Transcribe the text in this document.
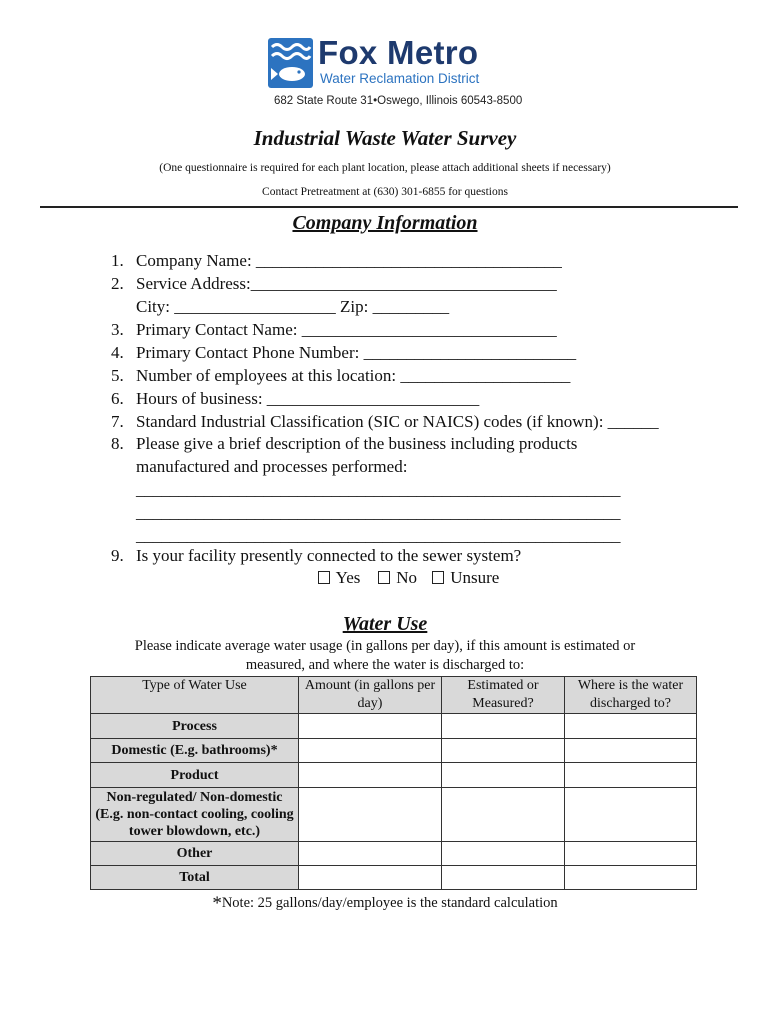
Fox Metro
Water Reclamation District
682 State Route 31•Oswego, Illinois 60543-8500
Industrial Waste Water Survey
(One questionnaire is required for each plant location, please attach additional sheets if necessary)
Contact Pretreatment at (630) 301-6855 for questions
Company Information
1. Company Name: ____________________________________
2. Service Address:____________________________________
City: ___________________ Zip: _________
3. Primary Contact Name: ______________________________
4. Primary Contact Phone Number: _________________________
5. Number of employees at this location: ____________________
6. Hours of business: _________________________
7. Standard Industrial Classification (SIC or NAICS) codes (if known): ______
8. Please give a brief description of the business including products
manufactured and processes performed:
_________________________________________________________
_________________________________________________________
_________________________________________________________
9. Is your facility presently connected to the sewer system?
Yes	No	Unsure
Water Use
Please indicate average water usage (in gallons per day), if this amount is estimated or measured, and where the water is discharged to:
Type of Water Use	Amount (in gallons per day)	Estimated or Measured?	Where is the water discharged to?
Process			
Domestic (E.g. bathrooms)*			
Product			
Non-regulated/ Non-domestic (E.g. non-contact cooling, cooling tower blowdown, etc.)			
Other			
Total			
*Note: 25 gallons/day/employee is the standard calculation
